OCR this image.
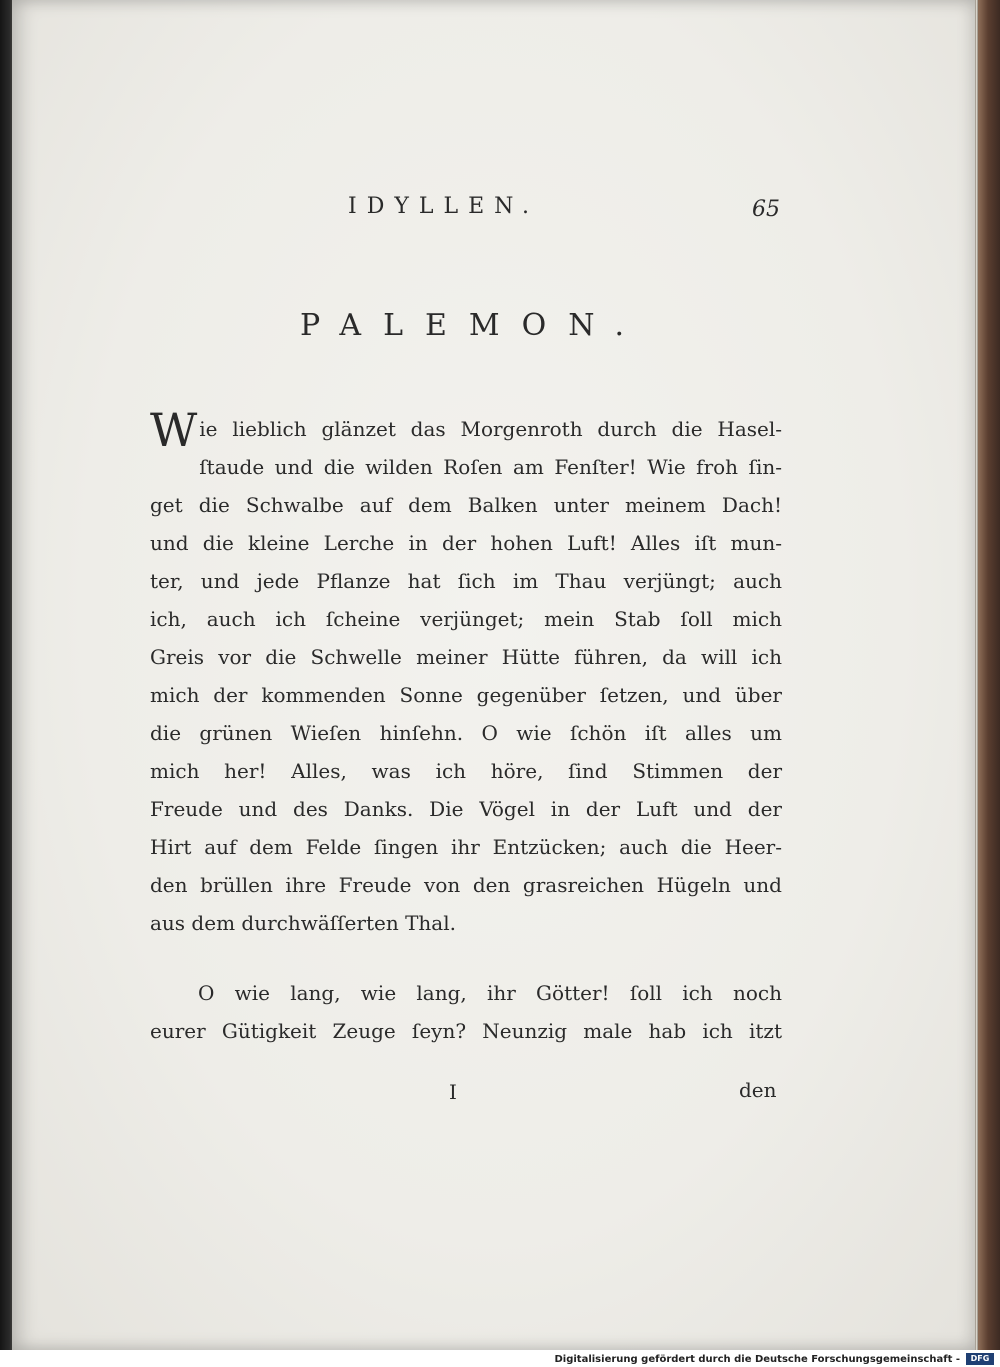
IDYLLEN.	65
PALEMON.
Wie lieblich glänzet das Morgenroth durch die Hasel-
ſtaude und die wilden Roſen am Fenſter! Wie froh ſin-
get die Schwalbe auf dem Balken unter meinem Dach!
und die kleine Lerche in der hohen Luft! Alles iſt mun-
ter, und jede Pflanze hat ſich im Thau verjüngt; auch
ich, auch ich ſcheine verjünget; mein Stab ſoll mich
Greis vor die Schwelle meiner Hütte führen, da will ich
mich der kommenden Sonne gegenüber ſetzen, und über
die grünen Wieſen hinſehn. O wie ſchön iſt alles um
mich her! Alles, was ich höre, ſind Stimmen der
Freude und des Danks. Die Vögel in der Luft und der
Hirt auf dem Felde ſingen ihr Entzücken; auch die Heer-
den brüllen ihre Freude von den grasreichen Hügeln und
aus dem durchwäſſerten Thal.
O wie lang, wie lang, ihr Götter! ſoll ich noch
eurer Gütigkeit Zeuge ſeyn? Neunzig male hab ich itzt
I	den
Digitalisierung gefördert durch die Deutsche Forschungsgemeinschaft -	DFG
